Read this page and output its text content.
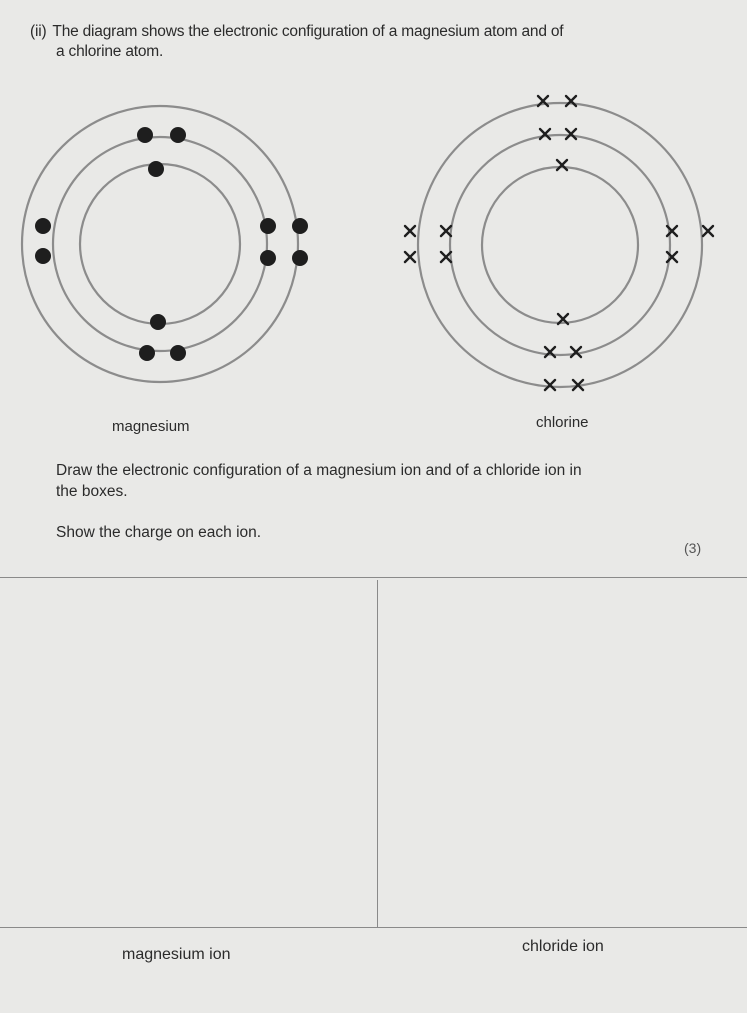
(ii) The diagram shows the electronic configuration of a magnesium atom and of
a chlorine atom.
magnesium	chlorine
Draw the electronic configuration of a magnesium ion and of a chloride ion in
the boxes.
Show the charge on each ion.
(3)
magnesium ion	chloride ion
